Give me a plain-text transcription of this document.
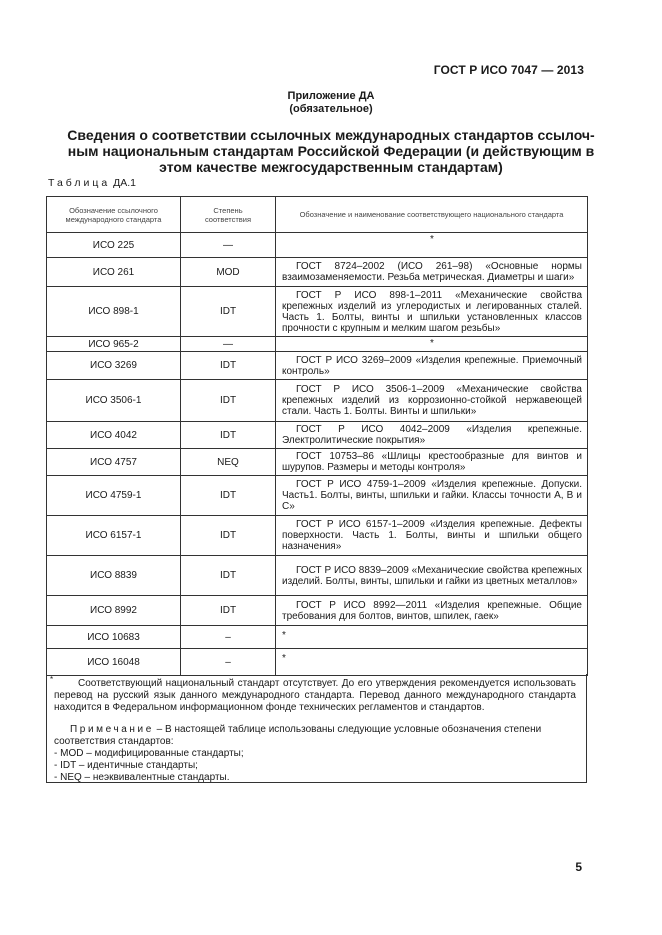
ГОСТ Р ИСО 7047 — 2013
Приложение ДА
(обязательное)
Сведения о соответствии ссылочных международных стандартов ссылоч-
ным национальным стандартам Российской Федерации (и действующим в
этом качестве межгосударственным стандартам)
Таблица ДА.1
Обозначение ссылочного международного стандарта	Степень соответствия	Обозначение и наименование соответствующего национального стандарта
ИСО 225	—	*
ИСО 261	MOD	ГОСТ 8724–2002 (ИСО 261–98) «Основные нормы взаимозаменяемости. Резьба метрическая. Диаметры и шаги»
ИСО 898-1	IDT	ГОСТ Р ИСО 898-1–2011 «Механические свойства крепежных изделий из углеродистых и легированных сталей. Часть 1. Болты, винты и шпильки установленных классов прочности с крупным и мелким шагом резьбы»
ИСО 965-2	—	*
ИСО 3269	IDT	ГОСТ Р ИСО 3269–2009 «Изделия крепежные. Приемочный контроль»
ИСО 3506-1	IDT	ГОСТ Р ИСО 3506-1–2009 «Механические свойства крепежных изделий из коррозионно-стойкой нержавеющей стали. Часть 1. Болты. Винты и шпильки»
ИСО 4042	IDT	ГОСТ Р ИСО 4042–2009 «Изделия крепежные. Электролитические покрытия»
ИСО 4757	NEQ	ГОСТ 10753–86 «Шлицы крестообразные для винтов и шурупов. Размеры и методы контроля»
ИСО 4759-1	IDT	ГОСТ Р ИСО 4759-1–2009 «Изделия крепежные. Допуски. Часть1. Болты, винты, шпильки и гайки. Классы точности А, В и С»
ИСО 6157-1	IDT	ГОСТ Р ИСО 6157-1–2009 «Изделия крепежные. Дефекты поверхности. Часть 1. Болты, винты и шпильки общего назначения»
ИСО 8839	IDT	ГОСТ Р ИСО 8839–2009 «Механические свойства крепежных изделий. Болты, винты, шпильки и гайки из цветных металлов»
ИСО 8992	IDT	ГОСТ Р ИСО 8992—2011 «Изделия крепежные. Общие требования для болтов, винтов, шпилек, гаек»
ИСО 10683	–	*
ИСО 16048	–	*
*	Соответствующий национальный стандарт отсутствует. До его утверждения рекомендуется использовать перевод на русский язык данного международного стандарта. Перевод данного международного стандарта находится в Федеральном информационном фонде технических регламентов и стандартов.
Примечание – В настоящей таблице использованы следующие условные обозначения степени соответствия стандартов:
- MOD – модифицированные стандарты;
- IDT – идентичные стандарты;
- NEQ – неэквивалентные стандарты.
5
